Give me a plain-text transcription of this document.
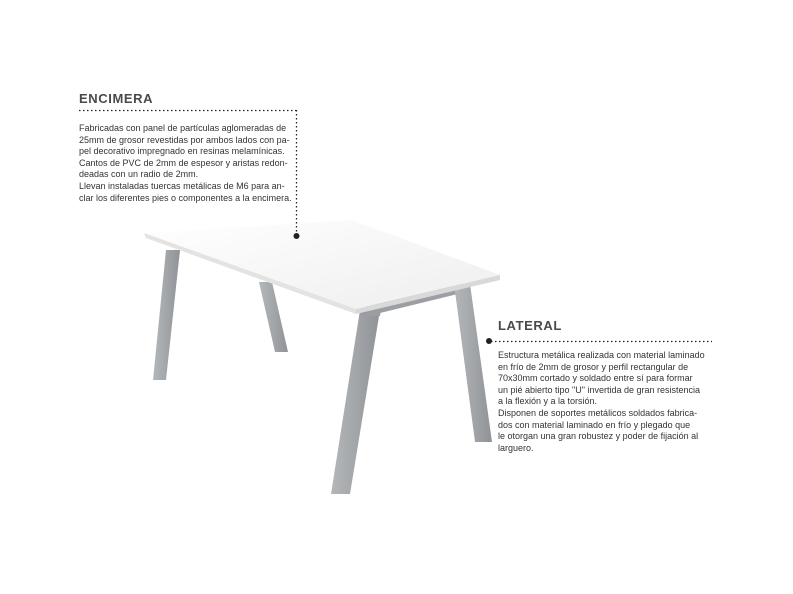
ENCIMERA

Fabricadas con panel de partículas aglomeradas de
25mm de grosor revestidas por ambos lados con pa-
pel decorativo impregnado en resinas melamínicas.
Cantos de PVC de 2mm de espesor y aristas redon-
deadas con un radio de 2mm.
Llevan instaladas tuercas metálicas de M6 para an-
clar los diferentes pies o componentes a la encimera.

LATERAL

Estructura metálica realizada con material laminado
en frío de 2mm de grosor y perfil rectangular de
70x30mm cortado y soldado entre sí para formar
un pié abierto tipo "U" invertida de gran resistencia
a la flexión y a la torsión.
Disponen de soportes metálicos soldados fabrica-
dos con material laminado en frío y plegado que
le otorgan una gran robustez y poder de fijación al
larguero.
